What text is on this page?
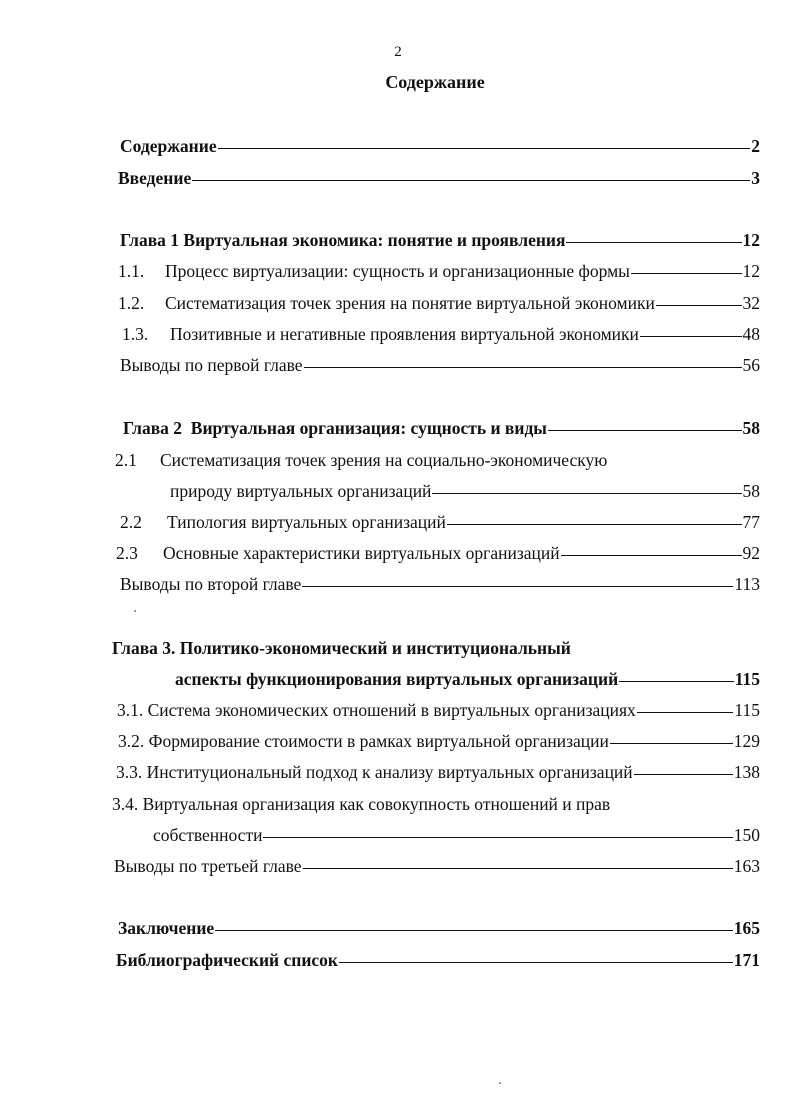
2
Содержание
Содержание	2
Введение	3
Глава 1 Виртуальная экономика: понятие и проявления	12
1.1.	Процесс виртуализации: сущность и организационные формы	12
1.2.	Систематизация точек зрения на понятие виртуальной экономики	32
1.3.	Позитивные и негативные проявления виртуальной экономики	48
Выводы по первой главе	56
Глава 2  Виртуальная организация: сущность и виды	58
2.1 Систематизация точек зрения на социально-экономическую
природу виртуальных организаций	58
2.2	Типология виртуальных организаций	77
2.3	Основные характеристики виртуальных организаций	92
Выводы по второй главе	113
Глава 3. Политико-экономический и институциональный
аспекты функционирования виртуальных организаций	115
3.1. Система экономических отношений в виртуальных организациях	115
3.2. Формирование стоимости в рамках виртуальной организации	129
3.3. Институциональный подход к анализу виртуальных организаций	138
3.4. Виртуальная организация как совокупность отношений и прав
собственности	150
Выводы по третьей главе	163
Заключение	165
Библиографический список	171
